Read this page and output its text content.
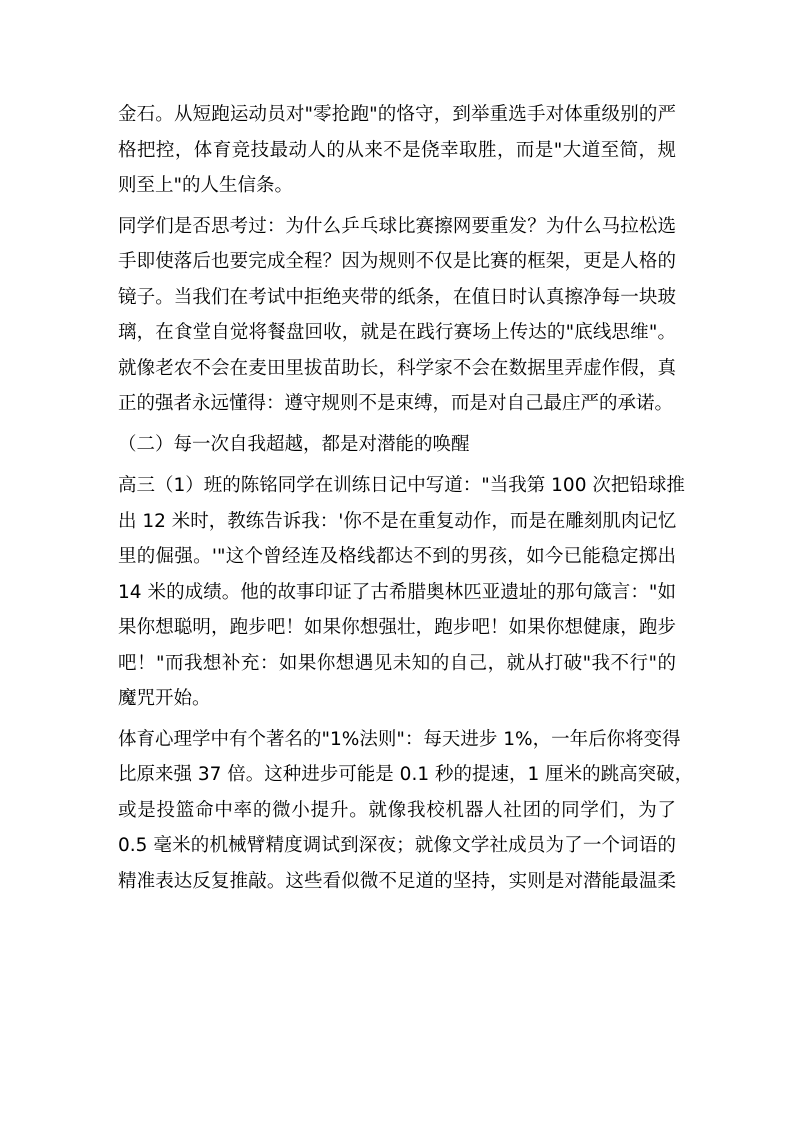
金石。从短跑运动员对"零抢跑"的恪守，到举重选手对体重级别的严
格把控，体育竞技最动人的从来不是侥幸取胜，而是"大道至简，规
则至上"的人生信条。
同学们是否思考过：为什么乒乓球比赛擦网要重发？为什么马拉松选
手即使落后也要完成全程？因为规则不仅是比赛的框架，更是人格的
镜子。当我们在考试中拒绝夹带的纸条，在值日时认真擦净每一块玻
璃，在食堂自觉将餐盘回收，就是在践行赛场上传达的"底线思维"。
就像老农不会在麦田里拔苗助长，科学家不会在数据里弄虚作假，真
正的强者永远懂得：遵守规则不是束缚，而是对自己最庄严的承诺。
（二）每一次自我超越，都是对潜能的唤醒
高三（1）班的陈铭同学在训练日记中写道："当我第 100 次把铅球推
出 12 米时，教练告诉我：'你不是在重复动作，而是在雕刻肌肉记忆
里的倔强。'"这个曾经连及格线都达不到的男孩，如今已能稳定掷出
14 米的成绩。他的故事印证了古希腊奥林匹亚遗址的那句箴言："如
果你想聪明，跑步吧！如果你想强壮，跑步吧！如果你想健康，跑步
吧！"而我想补充：如果你想遇见未知的自己，就从打破"我不行"的
魔咒开始。
体育心理学中有个著名的"1%法则"：每天进步 1%，一年后你将变得
比原来强 37 倍。这种进步可能是 0.1 秒的提速，1 厘米的跳高突破，
或是投篮命中率的微小提升。就像我校机器人社团的同学们，为了
0.5 毫米的机械臂精度调试到深夜；就像文学社成员为了一个词语的
精准表达反复推敲。这些看似微不足道的坚持，实则是对潜能最温柔
